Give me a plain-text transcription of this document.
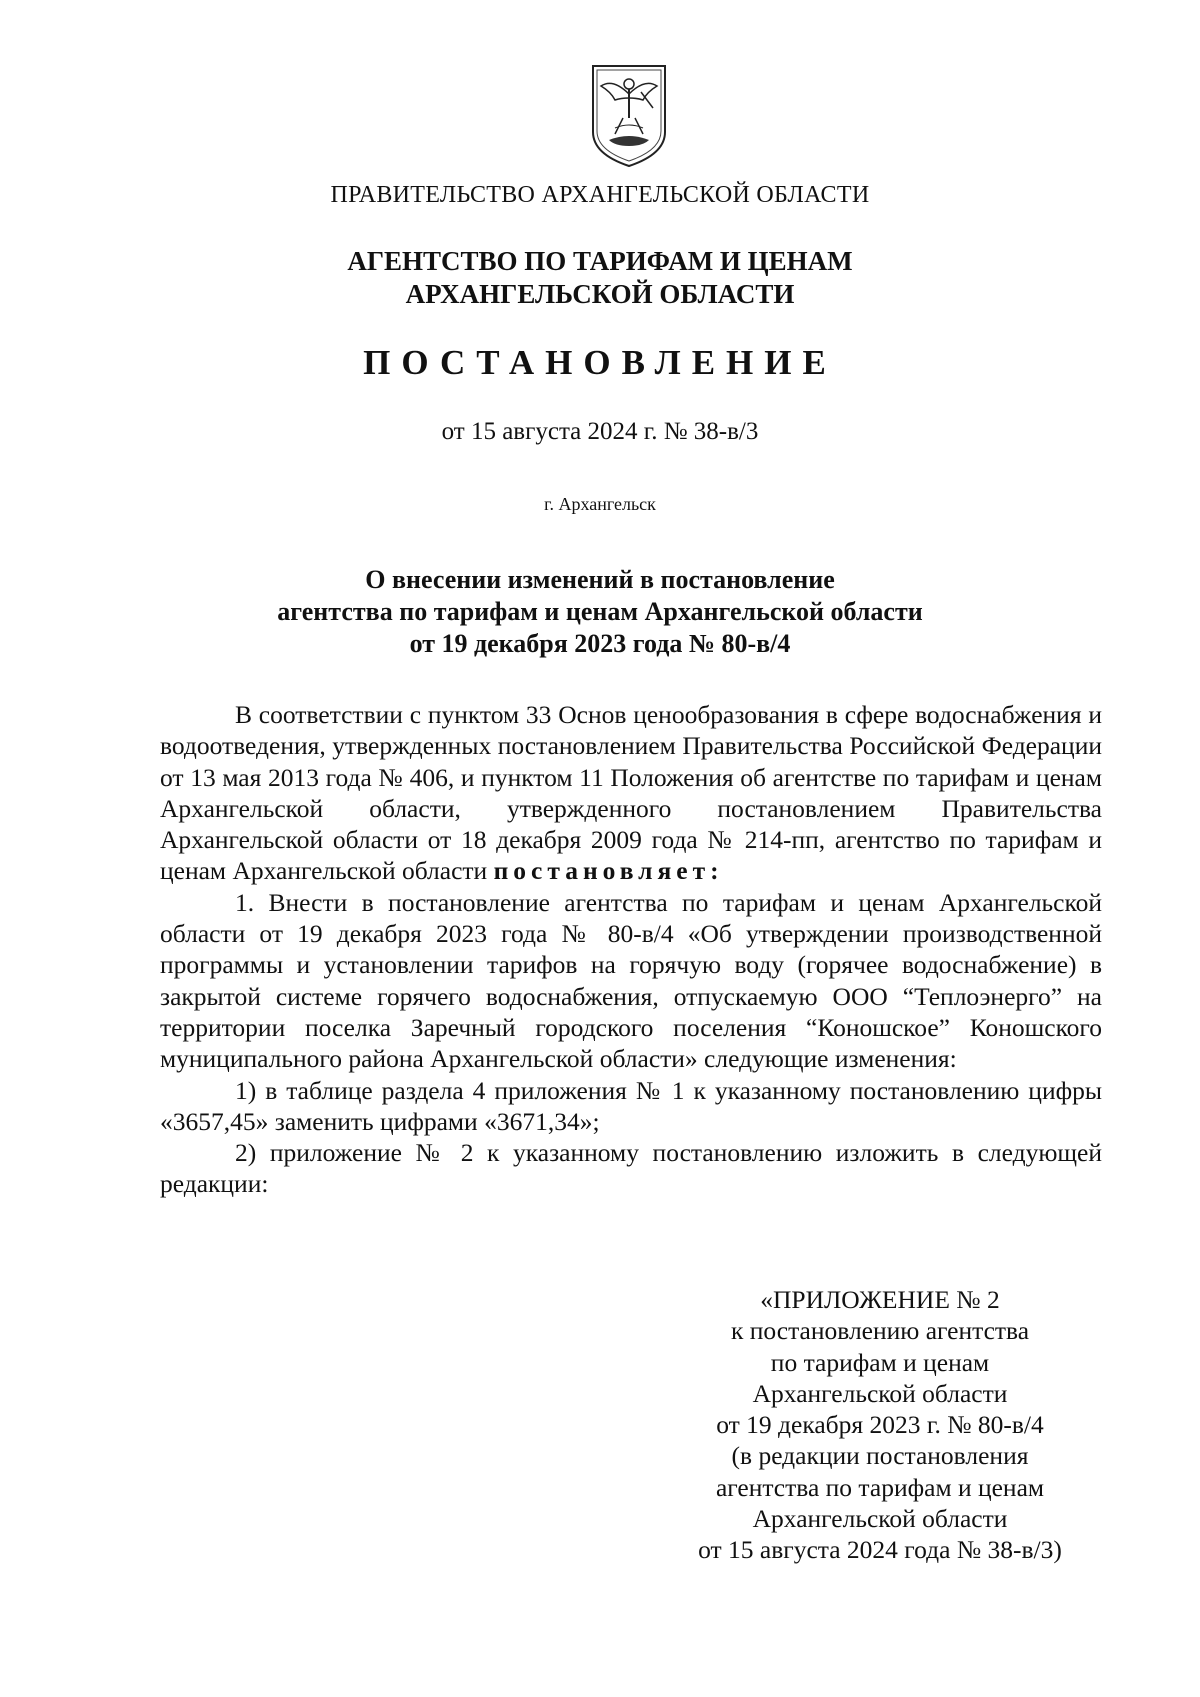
ПРАВИТЕЛЬСТВО АРХАНГЕЛЬСКОЙ ОБЛАСТИ
АГЕНТСТВО ПО ТАРИФАМ И ЦЕНАМ
АРХАНГЕЛЬСКОЙ ОБЛАСТИ
ПОСТАНОВЛЕНИЕ
от 15 августа 2024 г. № 38-в/3
г. Архангельск
О внесении изменений в постановление
агентства по тарифам и ценам Архангельской области
от 19 декабря 2023 года № 80-в/4

В соответствии с пунктом 33 Основ ценообразования в сфере водоснабжения и водоотведения, утвержденных постановлением Правительства Российской Федерации от 13 мая 2013 года № 406, и пунктом 11 Положения об агентстве по тарифам и ценам Архангельской области, утвержденного постановлением Правительства Архангельской области от 18 декабря 2009 года № 214-пп, агентство по тарифам и ценам Архангельской области постановляет:

1. Внести в постановление агентства по тарифам и ценам Архангельской области от 19 декабря 2023 года № 80-в/4 «Об утверждении производственной программы и установлении тарифов на горячую воду (горячее водоснабжение) в закрытой системе горячего водоснабжения, отпускаемую ООО “Теплоэнерго” на территории поселка Заречный городского поселения “Коношское” Коношского муниципального района Архангельской области» следующие изменения:

1) в таблице раздела 4 приложения № 1 к указанному постановлению цифры «3657,45» заменить цифрами «3671,34»;

2) приложение № 2 к указанному постановлению изложить в следующей редакции:

«ПРИЛОЖЕНИЕ № 2
к постановлению агентства
по тарифам и ценам
Архангельской области
от 19 декабря 2023 г. № 80-в/4
(в редакции постановления
агентства по тарифам и ценам
Архангельской области
от 15 августа 2024 года № 38-в/3)
